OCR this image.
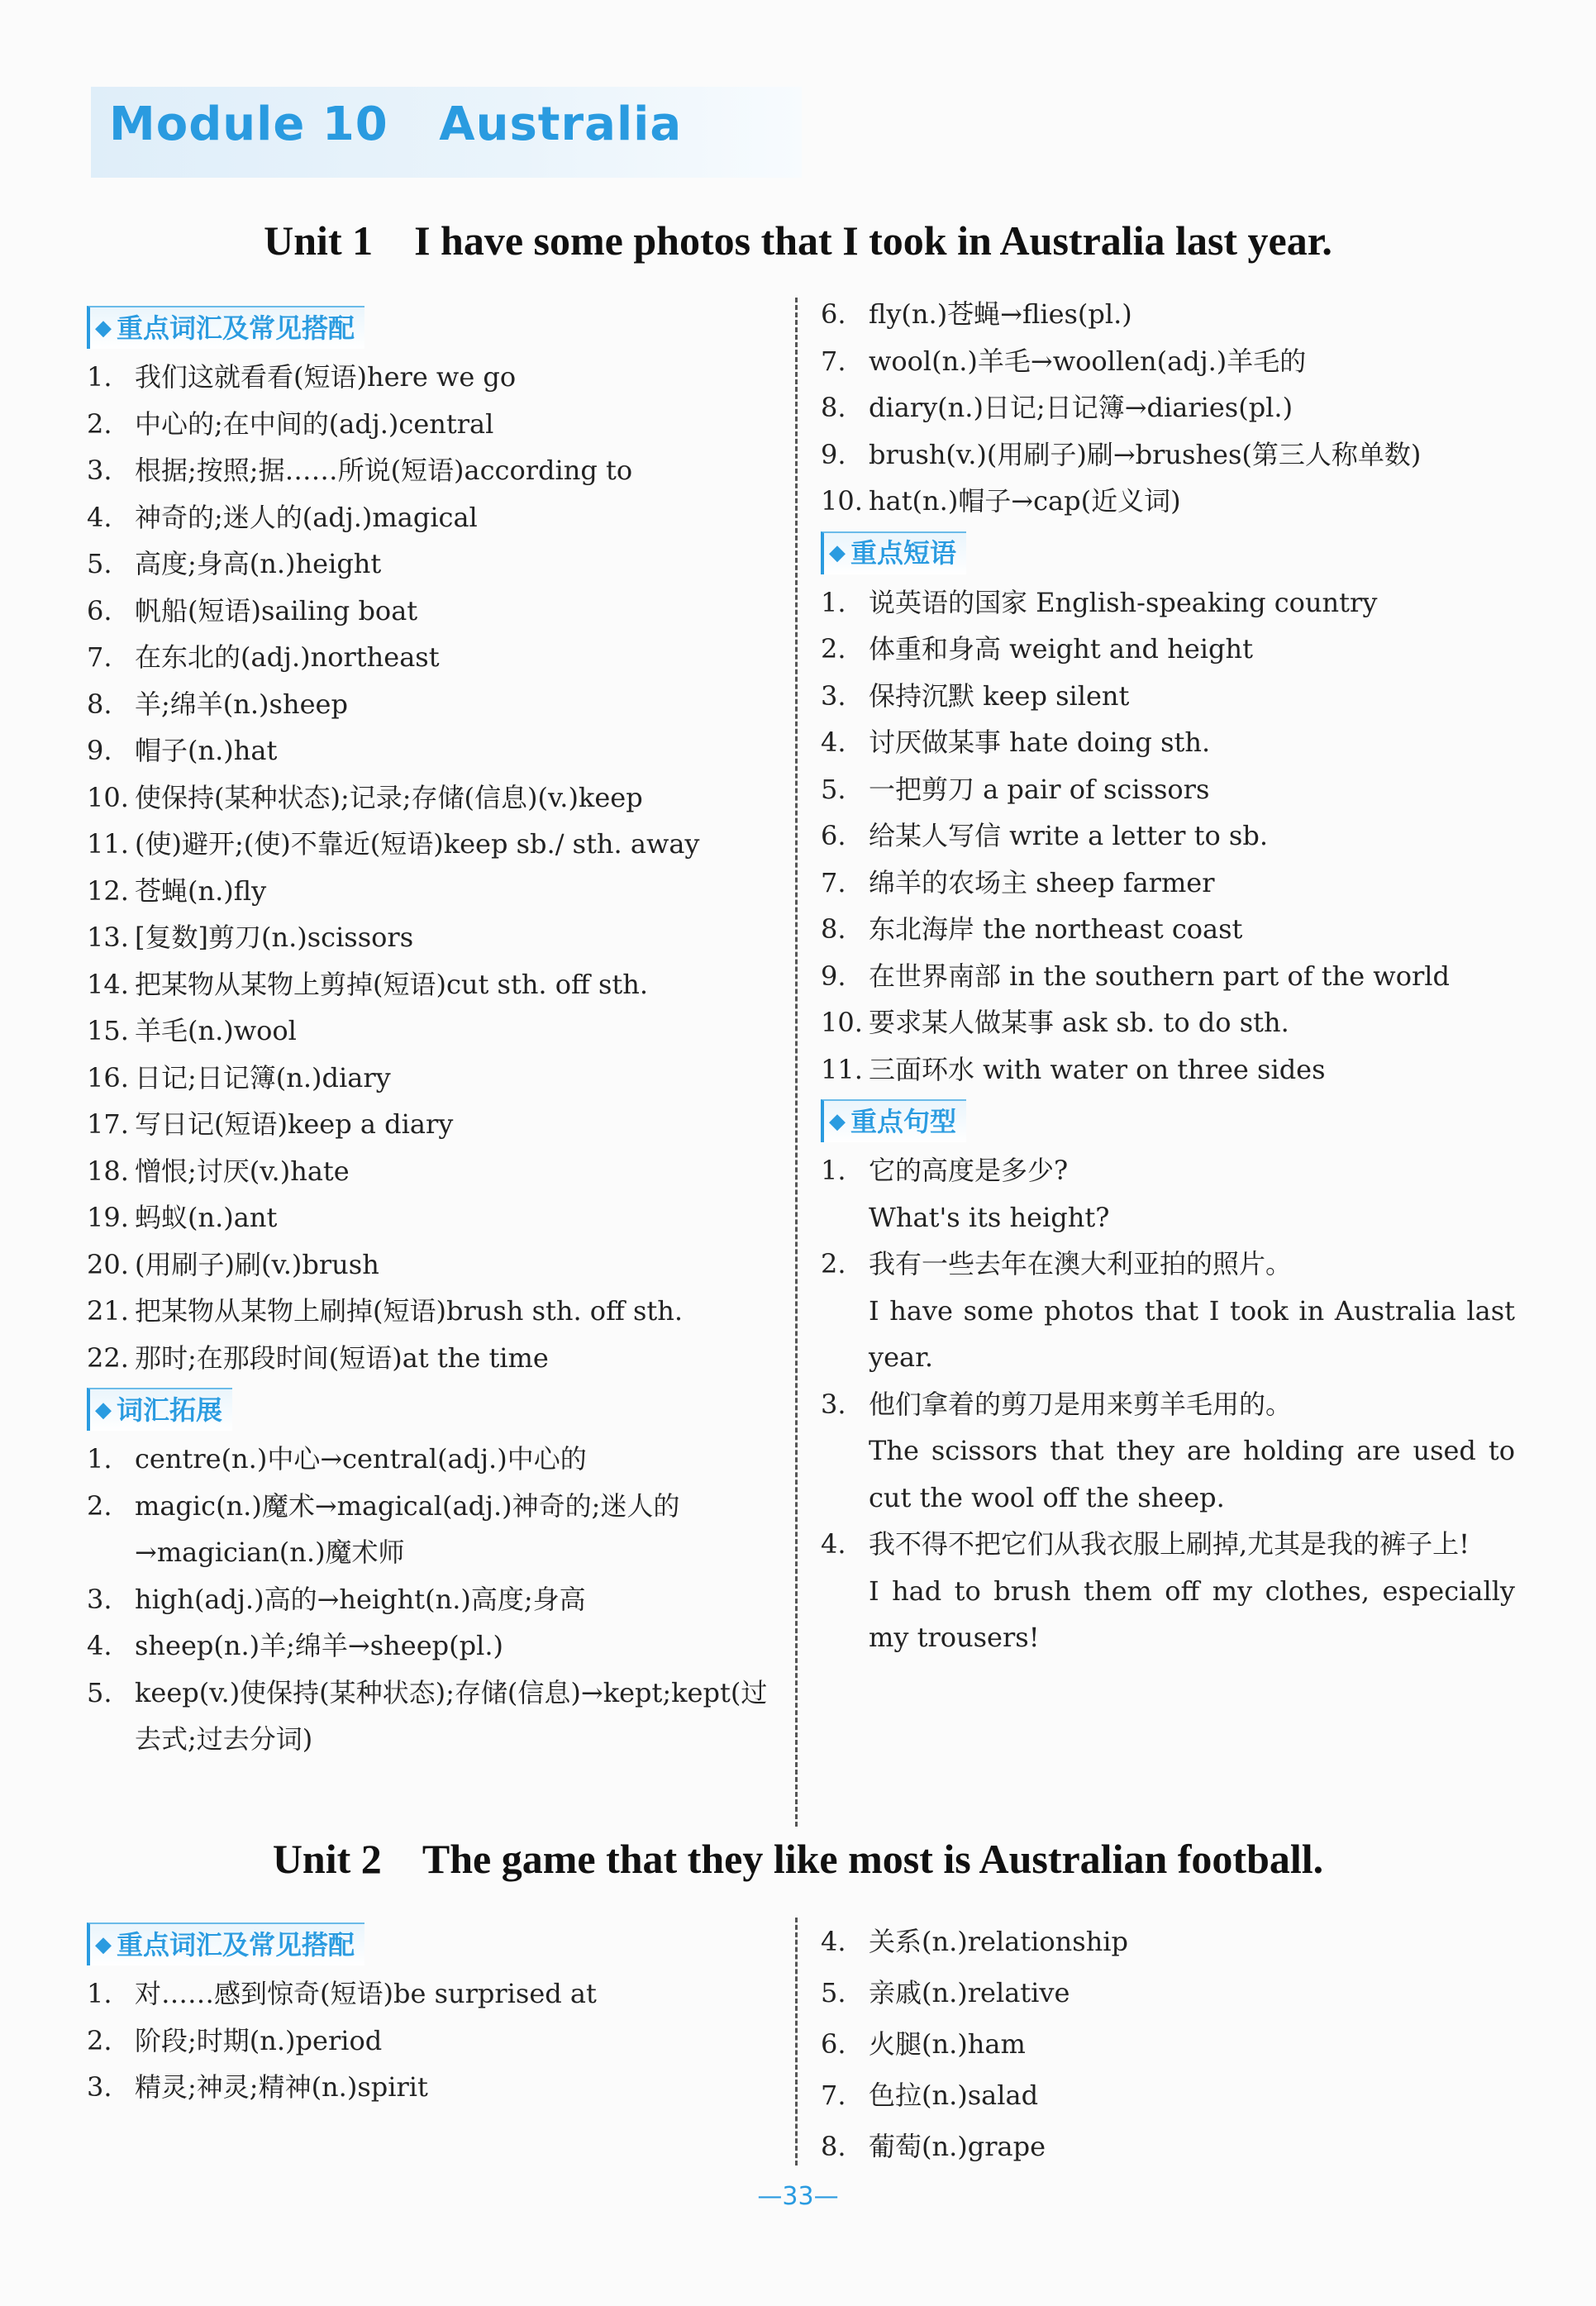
Module 10   Australia
Unit 1    I have some photos that I took in Australia last year.
◆ 重点词汇及常见搭配
1. 我们这就看看(短语)here we go
2. 中心的;在中间的(adj.)central
3. 根据;按照;据……所说(短语)according to
4. 神奇的;迷人的(adj.)magical
5. 高度;身高(n.)height
6. 帆船(短语)sailing boat
7. 在东北的(adj.)northeast
8. 羊;绵羊(n.)sheep
9. 帽子(n.)hat
10. 使保持(某种状态);记录;存储(信息)(v.)keep
11. (使)避开;(使)不靠近(短语)keep sb./ sth. away
12. 苍蝇(n.)fly
13. [复数]剪刀(n.)scissors
14. 把某物从某物上剪掉(短语)cut sth. off sth.
15. 羊毛(n.)wool
16. 日记;日记簿(n.)diary
17. 写日记(短语)keep a diary
18. 憎恨;讨厌(v.)hate
19. 蚂蚁(n.)ant
20. (用刷子)刷(v.)brush
21. 把某物从某物上刷掉(短语)brush sth. off sth.
22. 那时;在那段时间(短语)at the time
◆ 词汇拓展
1. centre(n.)中心→central(adj.)中心的
2. magic(n.)魔术→magical(adj.)神奇的;迷人的→magician(n.)魔术师
3. high(adj.)高的→height(n.)高度;身高
4. sheep(n.)羊;绵羊→sheep(pl.)
5. keep(v.)使保持(某种状态);存储(信息)→kept;kept(过去式;过去分词)
6. fly(n.)苍蝇→flies(pl.)
7. wool(n.)羊毛→woollen(adj.)羊毛的
8. diary(n.)日记;日记簿→diaries(pl.)
9. brush(v.)(用刷子)刷→brushes(第三人称单数)
10. hat(n.)帽子→cap(近义词)
◆ 重点短语
1. 说英语的国家 English-speaking country
2. 体重和身高 weight and height
3. 保持沉默 keep silent
4. 讨厌做某事 hate doing sth.
5. 一把剪刀 a pair of scissors
6. 给某人写信 write a letter to sb.
7. 绵羊的农场主 sheep farmer
8. 东北海岸 the northeast coast
9. 在世界南部 in the southern part of the world
10. 要求某人做某事 ask sb. to do sth.
11. 三面环水 with water on three sides
◆ 重点句型
1. 它的高度是多少?
What's its height?
2. 我有一些去年在澳大利亚拍的照片。
I have some photos that I took in Australia last year.
3. 他们拿着的剪刀是用来剪羊毛用的。
The scissors that they are holding are used to cut the wool off the sheep.
4. 我不得不把它们从我衣服上刷掉,尤其是我的裤子上!
I had to brush them off my clothes, especially my trousers!
Unit 2    The game that they like most is Australian football.
◆ 重点词汇及常见搭配
1. 对……感到惊奇(短语)be surprised at
2. 阶段;时期(n.)period
3. 精灵;神灵;精神(n.)spirit
4. 关系(n.)relationship
5. 亲戚(n.)relative
6. 火腿(n.)ham
7. 色拉(n.)salad
8. 葡萄(n.)grape
—33—
